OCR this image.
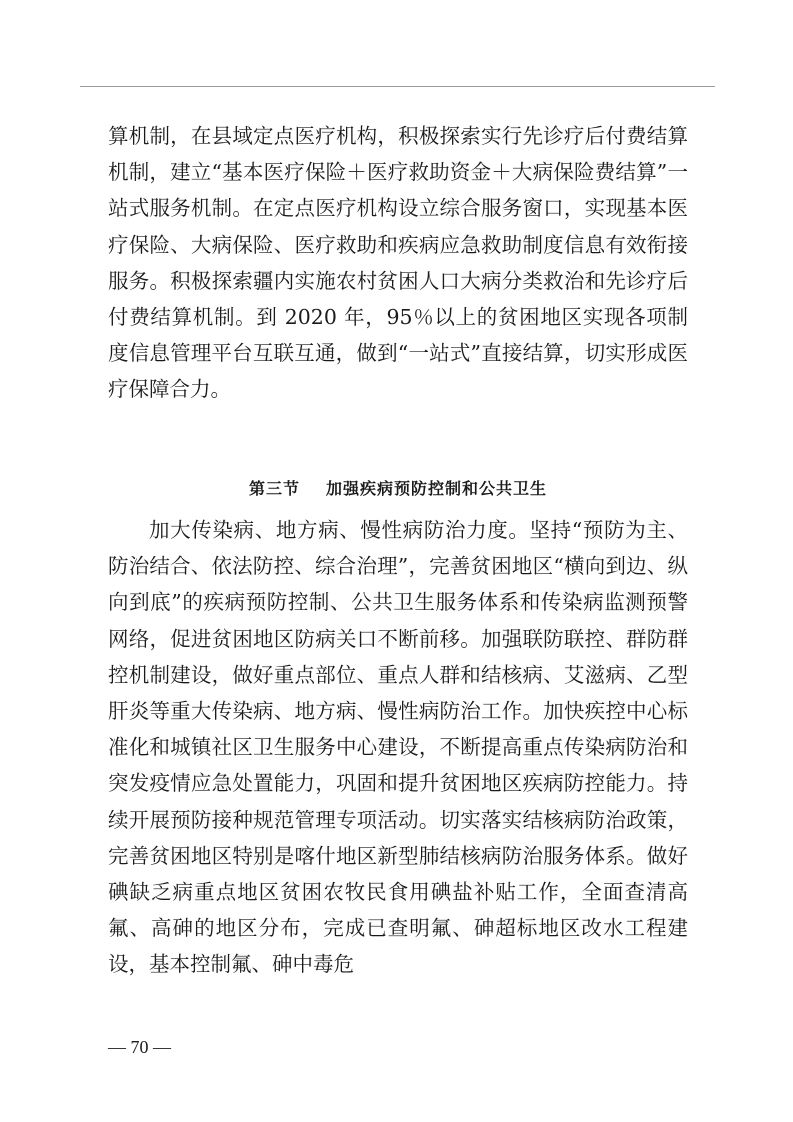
算机制，在县域定点医疗机构，积极探索实行先诊疗后付费结算机制，建立“基本医疗保险＋医疗救助资金＋大病保险费结算”一站式服务机制。在定点医疗机构设立综合服务窗口，实现基本医疗保险、大病保险、医疗救助和疾病应急救助制度信息有效衔接服务。积极探索疆内实施农村贫困人口大病分类救治和先诊疗后付费结算机制。到 2020 年，95％以上的贫困地区实现各项制度信息管理平台互联互通，做到“一站式”直接结算，切实形成医疗保障合力。

第三节 加强疾病预防控制和公共卫生

加大传染病、地方病、慢性病防治力度。坚持“预防为主、防治结合、依法防控、综合治理”，完善贫困地区“横向到边、纵向到底”的疾病预防控制、公共卫生服务体系和传染病监测预警网络，促进贫困地区防病关口不断前移。加强联防联控、群防群控机制建设，做好重点部位、重点人群和结核病、艾滋病、乙型肝炎等重大传染病、地方病、慢性病防治工作。加快疾控中心标准化和城镇社区卫生服务中心建设，不断提高重点传染病防治和突发疫情应急处置能力，巩固和提升贫困地区疾病防控能力。持续开展预防接种规范管理专项活动。切实落实结核病防治政策，完善贫困地区特别是喀什地区新型肺结核病防治服务体系。做好碘缺乏病重点地区贫困农牧民食用碘盐补贴工作，全面查清高氟、高砷的地区分布，完成已查明氟、砷超标地区改水工程建设，基本控制氟、砷中毒危

— 70 —
